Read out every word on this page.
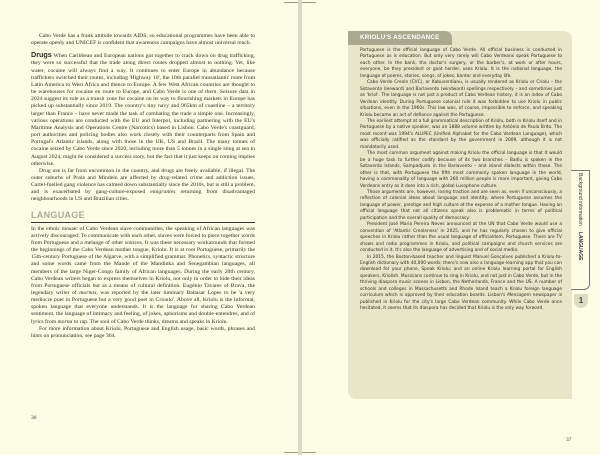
Cabo Verde has a frank attitude towards AIDS, so educational programmes have been able to operate openly and UNICEF is confident that awareness campaigns have almost universal reach.

Drugs When Caribbean and European nations got together to crack down on drug trafficking, they were so successful that the trade along direct routes dropped almost to nothing. Yet, like water, cocaine will always find a way. It continues to enter Europe in abundance because traffickers switched their routes, including 'Highway 10', the 10th parallel transatlantic route from Latin America to West Africa and thence to Europe. A few West African countries are thought to be warehouses for cocaine en route to Europe, and Cabo Verde is one of them. Seizure data in 2024 suggest its role as a transit zone for cocaine on its way to flourishing markets in Europe has picked up substantially since 2019. The country's tiny navy and 965km of coastline – a territory larger than France – have never made the task of combating the trade a simple one. Increasingly, various operations are conducted with the EU and Interpol, including partnering with the EU's Maritime Analysis and Operations Centre (Narcotics) based in Lisbon. Cabo Verde's coastguard, port authorities and policing bodies also work closely with their counterparts from Spain and Portugal's Atlantic islands, along with those in the UK, US and Brazil. The many tonnes of cocaine seized by Cabo Verde since 2020, including more than 5 tonnes in a single sting at sea in August 2024, might be considered a success story, but the fact that it just keeps on coming implies otherwise.

Drug use is far from uncommon in the country, and drugs are freely available, if illegal. The outer suburbs of Praia and Mindelo are affected by drug-related crime and addiction issues. Cartel-fuelled gang violence has calmed down substantially since the 2010s, but is still a problem, and is exacerbated by gang-culture-exposed emigrantes returning from disadvantaged neighbourhoods in US and Brazilian cities.

LANGUAGE

In the ethnic mosaic of Cabo Verdean slave communities, the speaking of African languages was actively discouraged. To communicate with each other, slaves were forced to piece together words from Portuguese and a melange of other sources. It was these necessary workarounds that formed the beginnings of the Cabo Verdean mother tongue, Kriolu. It is at root Portuguese, primarily the 15th-century Portuguese of the Algarve, with a simplified grammar. Phonetics, syntactic structure and some words came from the Mande of the Mandinka and Senegambian languages, all members of the large Niger-Congo family of African languages. During the early 20th century, Cabo Verdean writers began to express themselves in Kriolu, not only in order to hide their ideas from Portuguese officials but as a means of cultural definition. Eugénio Tavares of Brava, the legendary writer of mornas, was reported by the later luminary Baltasar Lopes to be 'a very mediocre poet in Portuguese but a very good poet in Crioulo'. Above all, Kriolu is the informal, spoken language that everyone understands. It is the language for sharing Cabo Verdean sentiment, the language of intimacy and feeling, of jokes, aphorisms and double-entendres, and of lyrics from morna to rap. The soul of Cabo Verde thinks, dreams and speaks in Kriolu.

For more information about Kriolu, Portuguese and English usage, basic words, phrases and hints on pronunciation, see page 364.

36
KRIOLU'S ASCENDANCE

Portuguese is the official language of Cabo Verde. All official business is conducted in Portuguese as is education. But only very rarely will Cabo Verdeans speak Portuguese to each other. In the bank, the doctor's surgery, or the barber's, at work or after hours, everyone, be they president or goat herder, uses Kriolu. It is the national language, the language of poems, stories, songs, of jokes, banter and everyday life.

Cabo Verde Creole (CVC), or Kabuverdianu, is usually rendered as Kriolu or Criolu – the Sotavento (leeward) and Barlavento (windward) spellings respectively – and sometimes just as 'kriol'. The language is not just a product of Cabo Verdean history, it is an index of Cabo Verdean identity. During Portuguese colonial rule it was forbidden to use Kriolu in public situations, even in the 1960s. This law was, of course, impossible to enforce, and speaking Kriolu became an act of defiance against the Portuguese.

The earliest attempt at a full grammatical description of Kriolu, both in Kriolu itself and in Portuguese by a native speaker, was an 1888 volume written by António de Paula Brito. The most recent was 1994's ALUPEC (Unified Alphabet for the Cabo Verdean Language), which was officially ratified as the standard by the government in 2009, although it is not mandatorily used.

The most common argument against making Kriolu the official language is that it would be a huge task to further codify because of its two branches – Badiu is spoken in the Sotavento Islands, Sampadjudu in the Barlavento – and island dialects within those. The other is that, with Portuguese the fifth most commonly spoken language in the world, having a commonality of language with 260 million people is more important, giving Cabo Verdeans entry as it does into a rich, global Lusophone culture.

Those arguments are, however, losing traction and are seen as, even if unconsciously, a reflection of colonial ideas about language and identity, where Portuguese assumes the language of power, prestige and high culture at the expense of a mother tongue. Having an official language that not all citizens speak also is problematic in terms of political participation and the overall quality of democracy.

President José Maria Pereira Neves announced at the UN that Cabo Verde would use a convention of 'Atlantic Creoleness' in 2025, and he has regularly chosen to give official speeches in Kriolu rather than the usual language of officialdom, Portuguese. There are TV shows and radio programmes in Kriolu, and political campaigns and church services are conducted in it. It's also the language of advertising and of social media.

In 2015, the Boston-based teacher and linguist Manuel Gonçalves published a Kriolu-to-English dictionary with 40,000 words; there's now also a language-learning app that you can download for your phone, Speak Kriolu; and an online Kriolu learning portal for English speakers, Kriolish. Musicians continue to sing in Kriolu, and not just in Cabo Verde, but in the thriving diaspora music scenes in Lisbon, the Netherlands, France and the US. A number of schools and colleges in Massachusetts and Rhode Island teach a Kriolu foreign language curriculum which is approved by their education boards. Lisbon's Mensagem newspaper is published in Kriolu for the city's large Cabo Verdean community. While Cabo Verde once hesitated, it seems that its diaspora has decided that Kriolu is the only way forward.

Background informationLANGUAGE
1
37
